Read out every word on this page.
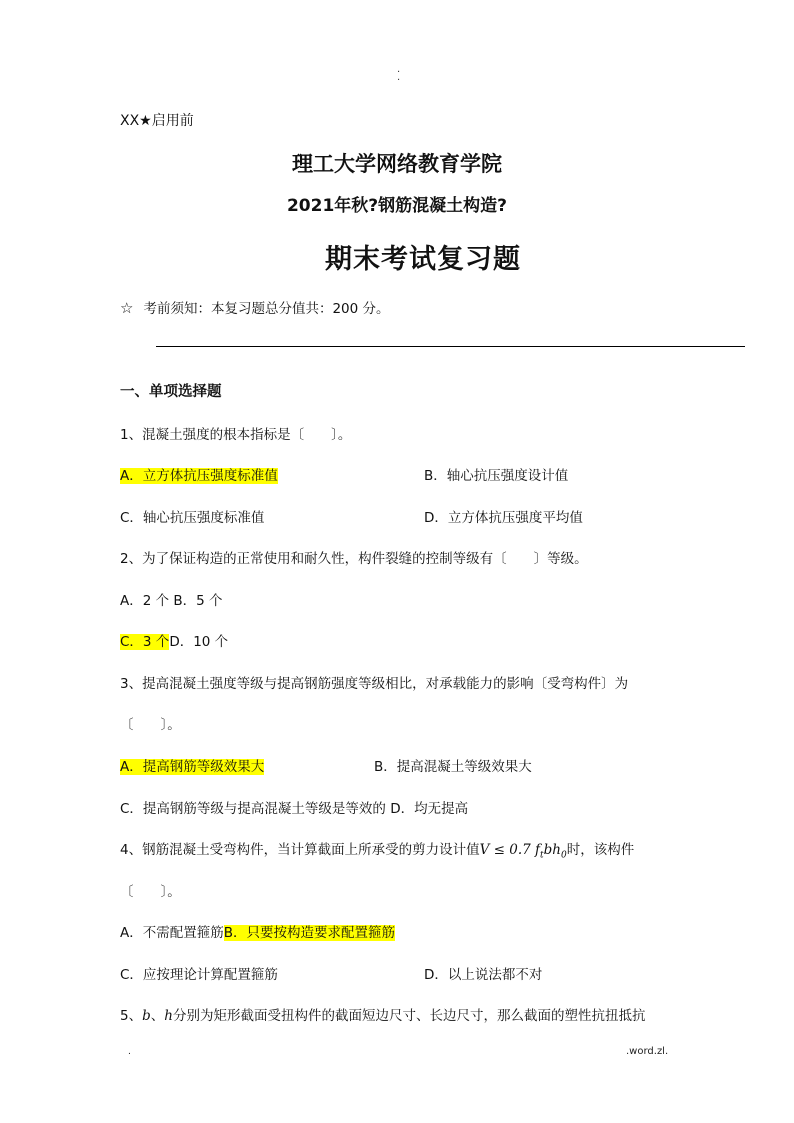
.
.
XX★启用前
理工大学网络教育学院
2021年秋?钢筋混凝土构造?
期末考试复习题
☆ 考前须知：本复习题总分值共：200 分。
一、单项选择题
1、混凝土强度的根本指标是〔　　〕。
A．立方体抗压强度标准值	B．轴心抗压强度设计值
C．轴心抗压强度标准值	D．立方体抗压强度平均值
2、为了保证构造的正常使用和耐久性，构件裂缝的控制等级有〔　　〕等级。
A．2 个 B．5 个
C．3 个D．10 个
3、提高混凝土强度等级与提高钢筋强度等级相比，对承载能力的影响〔受弯构件〕为
〔　　〕。
A．提高钢筋等级效果大	B．提高混凝土等级效果大
C．提高钢筋等级与提高混凝土等级是等效的 D．均无提高
4、钢筋混凝土受弯构件，当计算截面上所承受的剪力设计值V ≤ 0.7 $f_tbh_0$时，该构件
〔　　〕。
A．不需配置箍筋B．只要按构造要求配置箍筋
C．应按理论计算配置箍筋	D．以上说法都不对
5、b、h分别为矩形截面受扭构件的截面短边尺寸、长边尺寸，那么截面的塑性抗扭抵抗
.	.word.zl.
